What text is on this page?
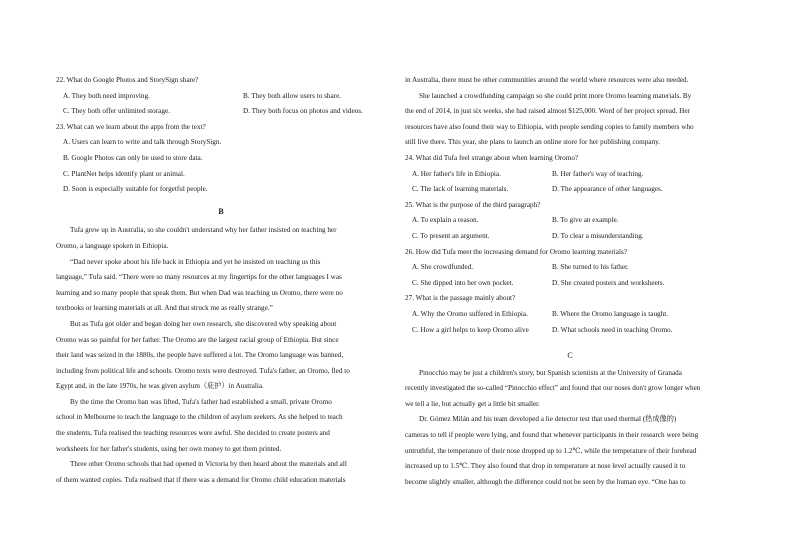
22. What do Google Photos and StorySign share?
A. They both need improving.	B. They both allow users to share.
C. They both offer unlimited storage.	D. They both focus on photos and videos.
23. What can we learn about the apps from the text?
A. Users can learn to write and talk through StorySign.
B. Google Photos can only be used to store data.
C. PlantNet helps identify plant or animal.
D. Soon is especially suitable for forgetful people.
B
Tufa grew up in Australia, so she couldn't understand why her father insisted on teaching her
Oromo, a language spoken in Ethiopia.
“Dad never spoke about his life back in Ethiopia and yet he insisted on teaching us this
language,” Tufa said. “There were so many resources at my fingertips for the other languages I was
learning and so many people that speak them. But when Dad was teaching us Oromo, there were no
textbooks or learning materials at all. And that struck me as really strange.”
But as Tufa got older and began doing her own research, she discovered why speaking about
Oromo was so painful for her father. The Oromo are the largest racial group of Ethiopia. But since
their land was seized in the 1880s, the people have suffered a lot. The Oromo language was banned,
including from political life and schools. Oromo texts were destroyed. Tufa's father, an Oromo, fled to
Egypt and, in the late 1970s, he was given asylum（庇护）in Australia.
By the time the Oromo ban was lifted, Tufa's father had established a small, private Oromo
school in Melbourne to teach the language to the children of asylum seekers. As she helped to teach
the students, Tufa realised the teaching resources were awful. She decided to create posters and
worksheets for her father's students, using her own money to get them printed.
Three other Oromo schools that had opened in Victoria by then heard about the materials and all
of them wanted copies. Tufa realised that if there was a demand for Oromo child education materials
in Australia, there must be other communities around the world where resources were also needed.
She launched a crowdfunding campaign so she could print more Oromo learning materials. By
the end of 2014, in just six weeks, she had raised almost $125,000. Word of her project spread. Her
resources have also found their way to Ethiopia, with people sending copies to family members who
still live there. This year, she plans to launch an online store for her publishing company.
24. What did Tufa feel strange about when learning Oromo?
A. Her father's life in Ethiopia.	B. Her father's way of teaching.
C. The lack of learning materials.	D. The appearance of other languages.
25. What is the purpose of the third paragraph?
A. To explain a reason.	B. To give an example.
C. To present an argument.	D. To clear a misunderstanding.
26. How did Tufa meet the increasing demand for Oromo learning materials?
A. She crowdfunded.	B. She turned to his father.
C. She dipped into her own pocket.	D. She created posters and worksheets.
27. What is the passage mainly about?
A. Why the Oromo suffered in Ethiopia.	B. Where the Oromo language is taught.
C. How a girl helps to keep Oromo alive	D. What schools need in teaching Oromo.
C
Pinocchio may be just a children's story, but Spanish scientists at the University of Granada
recently investigated the so-called “Pinocchio effect” and found that our noses don't grow longer when
we tell a lie, but actually get a little bit smaller.
Dr. Gómez Milán and his team developed a lie detector test that used thermal (热成像的)
cameras to tell if people were lying, and found that whenever participants in their research were being
untruthful, the temperature of their nose dropped up to 1.2℃, while the temperature of their forehead
increased up to 1.5℃. They also found that drop in temperature at nose level actually caused it to
become slightly smaller, although the difference could not be seen by the human eye. “One has to
